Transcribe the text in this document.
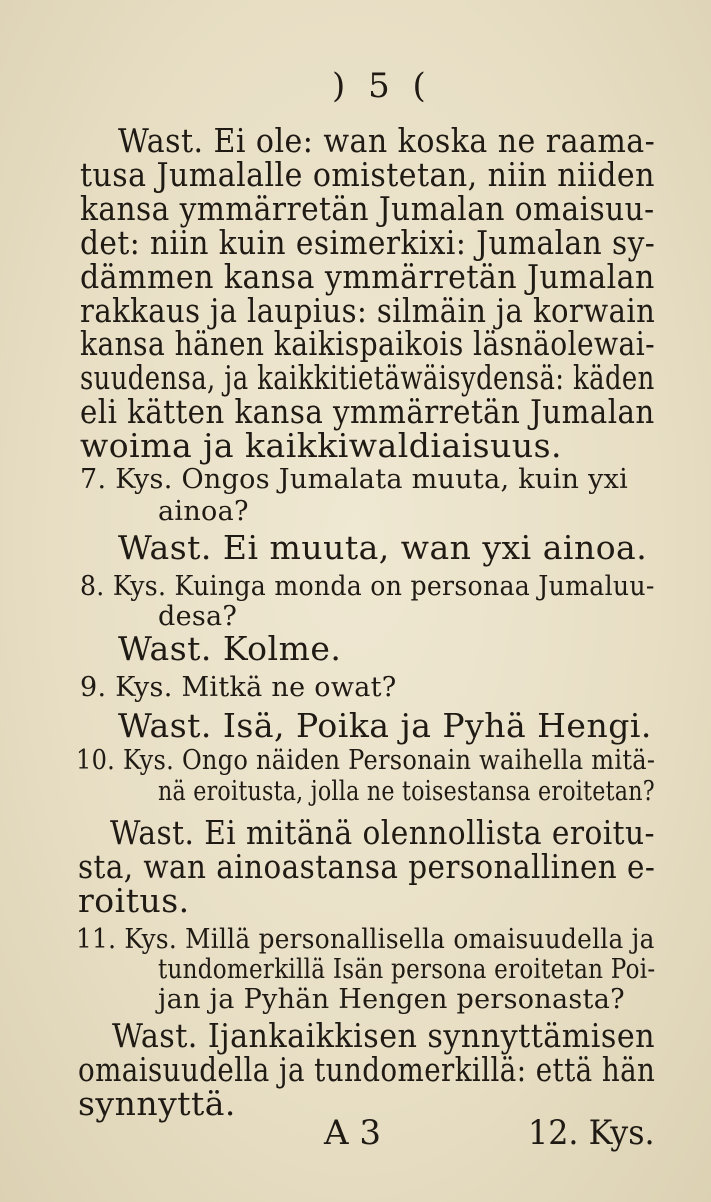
) 5 (
Wast. Ei ole: wan koska ne raama-
tusa Jumalalle omistetan, niin niiden
kansa ymmärretän Jumalan omaisuu-
det: niin kuin esimerkixi: Jumalan sy-
dämmen kansa ymmärretän Jumalan
rakkaus ja laupius: silmäin ja korwain
kansa hänen kaikispaikois läsnäolewai-
suudensa, ja kaikkitietäwäisydensä: käden
eli kätten kansa ymmärretän Jumalan
woima ja kaikkiwaldiaisuus.
7. Kys. Ongos Jumalata muuta, kuin yxi
ainoa?
Wast. Ei muuta, wan yxi ainoa.
8. Kys. Kuinga monda on personaa Jumaluu-
desa?
Wast. Kolme.
9. Kys. Mitkä ne owat?
Wast. Isä, Poika ja Pyhä Hengi.
10. Kys. Ongo näiden Personain waihella mitä-
nä eroitusta, jolla ne toisestansa eroitetan?
Wast. Ei mitänä olennollista eroitu-
sta, wan ainoastansa personallinen e-
roitus.
11. Kys. Millä personallisella omaisuudella ja
tundomerkillä Isän persona eroitetan Poi-
jan ja Pyhän Hengen personasta?
Wast. Ijankaikkisen synnyttämisen
omaisuudella ja tundomerkillä: että hän
synnyttä.
A 3	12. Kys.
